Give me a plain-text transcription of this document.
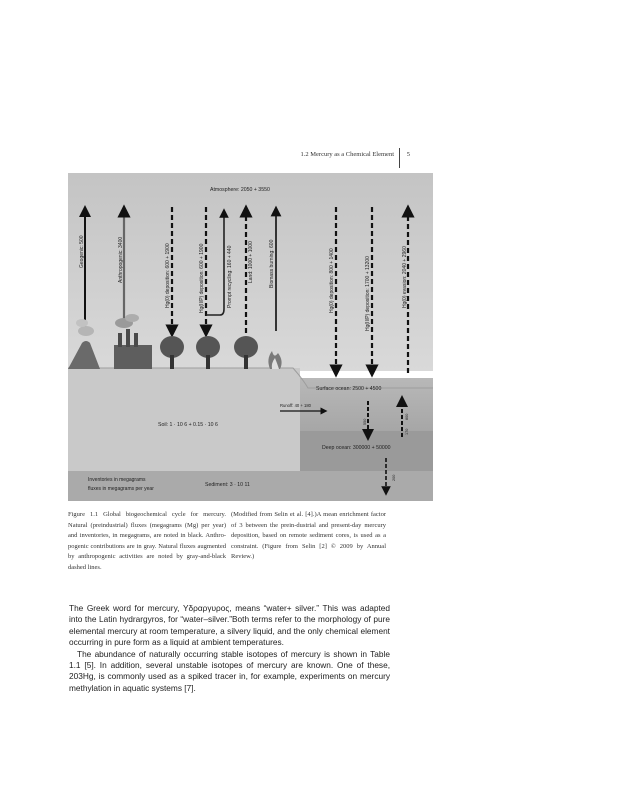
1.2 Mercury as a Chemical Element 5
Atmosphere: 2050 + 3550
Geogenic: 500	Anthropogenic: 3400	Hg(0) deposition: 600 + 1900	Hg(II/P) deposition: 600 + 1900	Prompt recycling: 160 + 440	Land: 1000 + 1000	Biomass burning: 600	Hg(0) deposition: 800 + 1400	Hg(II/P) deposition: 1700 + 13200	Hg(0) evasion: 2040 + 2960
Surface ocean: 2500 + 4500
Runoff: 40 + 180
Soil: 1 · 10 6 + 0.15 · 10 6	550
800
170
Deep ocean: 300000 + 50000
200
Inventories in megagrams
fluxes in megagrams per year
Sediment: 3 · 10 11
Figure 1.1 Global biogeochemical cycle for mercury. Natural (preindustrial) fluxes (megagrams (Mg) per year) and inventories, in megagrams, are noted in black. Anthro-pogenic contributions are in gray. Natural fluxes augmented by anthropogenic activities are noted by gray-and-black dashed lines.
(Modified from Selin et al. [4].)A mean enrichment factor of 3 between the prein-dustrial and present-day mercury deposition, based on remote sediment cores, is used as a constraint. (Figure from Selin [2] © 2009 by Annual Review.)

The Greek word for mercury, Υδραργυρος, means “water+ silver.” This was adapted into the Latin hydrargyros, for “water–silver.”Both terms refer to the morphology of pure elemental mercury at room temperature, a silvery liquid, and the only chemical element occurring in pure form as a liquid at ambient temperatures.

The abundance of naturally occurring stable isotopes of mercury is shown in Table 1.1 [5]. In addition, several unstable isotopes of mercury are known. One of these, 203Hg, is commonly used as a spiked tracer in, for example, experiments on mercury methylation in aquatic systems [7].
